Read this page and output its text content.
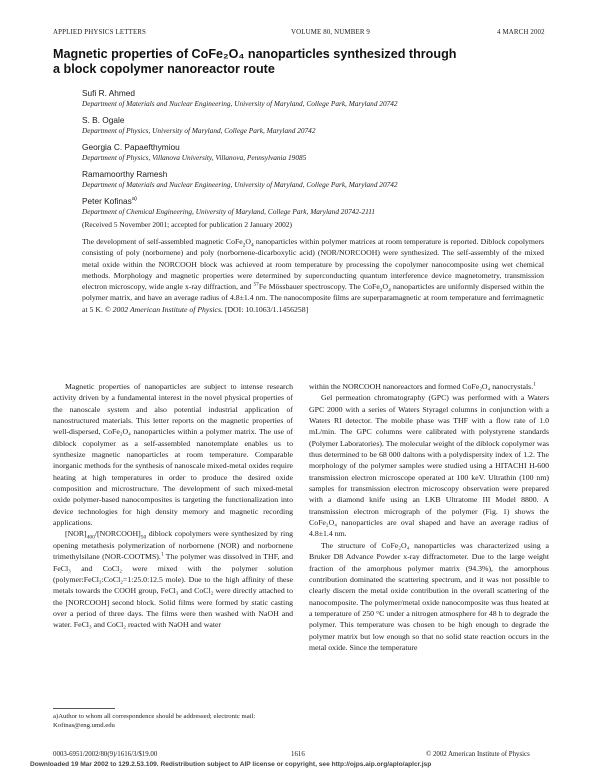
APPLIED PHYSICS LETTERS	VOLUME 80, NUMBER 9	4 MARCH 2002
Magnetic properties of CoFe₂O₄ nanoparticles synthesized through
a block copolymer nanoreactor route
Sufi R. Ahmed
Department of Materials and Nuclear Engineering, University of Maryland, College Park, Maryland 20742
S. B. Ogale
Department of Physics, University of Maryland, College Park, Maryland 20742
Georgia C. Papaefthymiou
Department of Physics, Villanova University, Villanova, Pennsylvania 19085
Ramamoorthy Ramesh
Department of Materials and Nuclear Engineering, University of Maryland, College Park, Maryland 20742
Peter Kofinas$^{a)}$
Department of Chemical Engineering, University of Maryland, College Park, Maryland 20742-2111
(Received 5 November 2001; accepted for publication 2 January 2002)
The development of self-assembled magnetic $CoFe_2O_4$ nanoparticles within polymer matrices at room temperature is reported. Diblock copolymers consisting of poly (norbornene) and poly (norbornene-dicarboxylic acid) (NOR/NORCOOH) were synthesized. The self-assembly of the mixed metal oxide within the NORCOOH block was achieved at room temperature by processing the copolymer nanocomposite using wet chemical methods. Morphology and magnetic properties were determined by superconducting quantum interference device magnetometry, transmission electron microscopy, wide angle x-ray diffraction, and $^{57}$Fe Mössbauer spectroscopy. The $CoFe_2O_4$ nanoparticles are uniformly dispersed within the polymer matrix, and have an average radius of 4.8±1.4 nm. The nanocomposite films are superparamagnetic at room temperature and ferrimagnetic at 5 K. © 2002 American Institute of Physics. [DOI: 10.1063/1.1456258]

Magnetic properties of nanoparticles are subject to intense research activity driven by a fundamental interest in the novel physical properties of the nanoscale system and also potential industrial application of nanostructured materials. This letter reports on the magnetic properties of well-dispersed, CoFe₂O₄ nanoparticles within a polymer matrix. The use of diblock copolymer as a self-assembled nanotemplate enables us to synthesize magnetic nanoparticles at room temperature. Comparable inorganic methods for the synthesis of nanoscale mixed-metal oxides require heating at high temperatures in order to produce the desired oxide composition and microstructure. The development of such mixed-metal oxide polymer-based nanocomposites is targeting the functionalization into device technologies for high density memory and magnetic recording applications.

$[NOR]_{400}/[NORCOOH]_{50}$ diblock copolymers were synthesized by ring opening metathesis polymerization of norbornene (NOR) and norbornene trimethylsilane (NOR-COOTMS).$^1$ The polymer was dissolved in THF, and FeCl₃ and CoCl₂ were mixed with the polymer solution (polymer:FeCl₃:CoCl₂=1:25.0:12.5 mole). Due to the high affinity of these metals towards the COOH group, FeCl₃ and CoCl₂ were directly attached to the [NORCOOH] second block. Solid films were formed by static casting over a period of three days. The films were then washed with NaOH and water. FeCl₃ and CoCl₂ reacted with NaOH and water

a)Author to whom all correspondence should be addressed; electronic mail: Kofinas@eng.umd.edu

within the NORCOOH nanoreactors and formed CoFe₂O₄ nanocrystals.$^1$

Gel permeation chromatography (GPC) was performed with a Waters GPC 2000 with a series of Waters Styragel columns in conjunction with a Waters RI detector. The mobile phase was THF with a flow rate of 1.0 mL/min. The GPC columns were calibrated with polystyrene standards (Polymer Laboratories). The molecular weight of the diblock copolymer was thus determined to be 68 000 daltons with a polydispersity index of 1.2. The morphology of the polymer samples were studied using a HITACHI H-600 transmission electron microscope operated at 100 keV. Ultrathin (100 nm) samples for transmission electron microscopy observation were prepared with a diamond knife using an LKB Ultratome III Model 8800. A transmission electron micrograph of the polymer (Fig. 1) shows the CoFe₂O₄ nanoparticles are oval shaped and have an average radius of 4.8±1.4 nm.

The structure of CoFe₂O₄ nanoparticles was characterized using a Bruker D8 Advance Powder x-ray diffractometer. Due to the large weight fraction of the amorphous polymer matrix (94.3%), the amorphous contribution dominated the scattering spectrum, and it was not possible to clearly discern the metal oxide contribution in the overall scattering of the nanocomposite. The polymer/metal oxide nanocomposite was thus heated at a temperature of 250 °C under a nitrogen atmosphere for 48 h to degrade the polymer. This temperature was chosen to be high enough to degrade the polymer matrix but low enough so that no solid state reaction occurs in the metal oxide. Since the temperature

0003-6951/2002/80(9)/1616/3/$19.00	1616	© 2002 American Institute of Physics
Downloaded 19 Mar 2002 to 129.2.53.109. Redistribution subject to AIP license or copyright, see http://ojps.aip.org/aplo/aplcr.jsp
